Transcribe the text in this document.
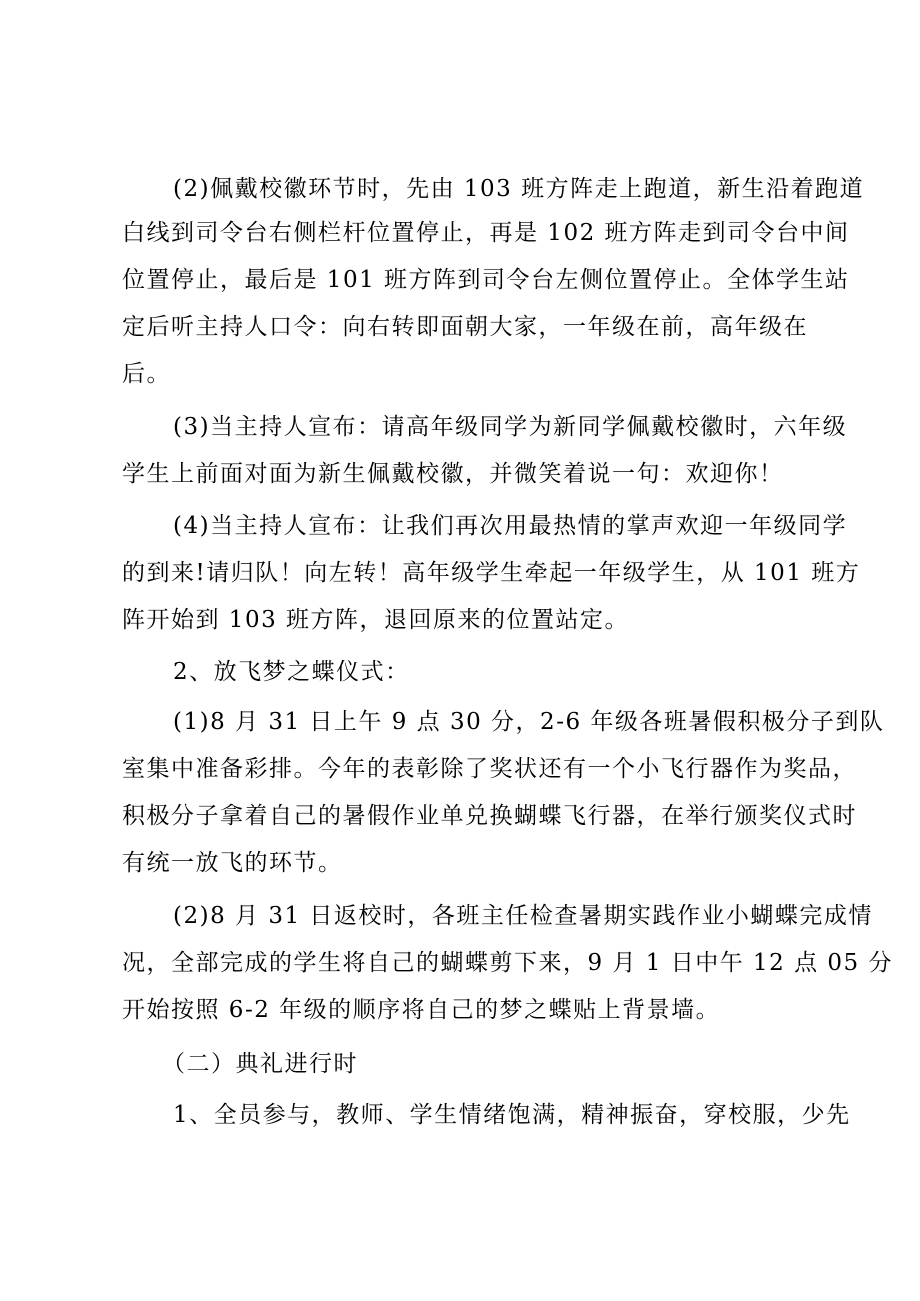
(2)佩戴校徽环节时，先由 103 班方阵走上跑道，新生沿着跑道
白线到司令台右侧栏杆位置停止，再是 102 班方阵走到司令台中间
位置停止，最后是 101 班方阵到司令台左侧位置停止。全体学生站
定后听主持人口令：向右转即面朝大家，一年级在前，高年级在
后。
(3)当主持人宣布：请高年级同学为新同学佩戴校徽时，六年级
学生上前面对面为新生佩戴校徽，并微笑着说一句：欢迎你！
(4)当主持人宣布：让我们再次用最热情的掌声欢迎一年级同学
的到来!请归队！向左转！高年级学生牵起一年级学生，从 101 班方
阵开始到 103 班方阵，退回原来的位置站定。
2、放飞梦之蝶仪式：
(1)8 月 31 日上午 9 点 30 分，2-6 年级各班暑假积极分子到队
室集中准备彩排。今年的表彰除了奖状还有一个小飞行器作为奖品，
积极分子拿着自己的暑假作业单兑换蝴蝶飞行器，在举行颁奖仪式时
有统一放飞的环节。
(2)8 月 31 日返校时，各班主任检查暑期实践作业小蝴蝶完成情
况，全部完成的学生将自己的蝴蝶剪下来，9 月 1 日中午 12 点 05 分
开始按照 6-2 年级的顺序将自己的梦之蝶贴上背景墙。
（二）典礼进行时
1、全员参与，教师、学生情绪饱满，精神振奋，穿校服，少先
